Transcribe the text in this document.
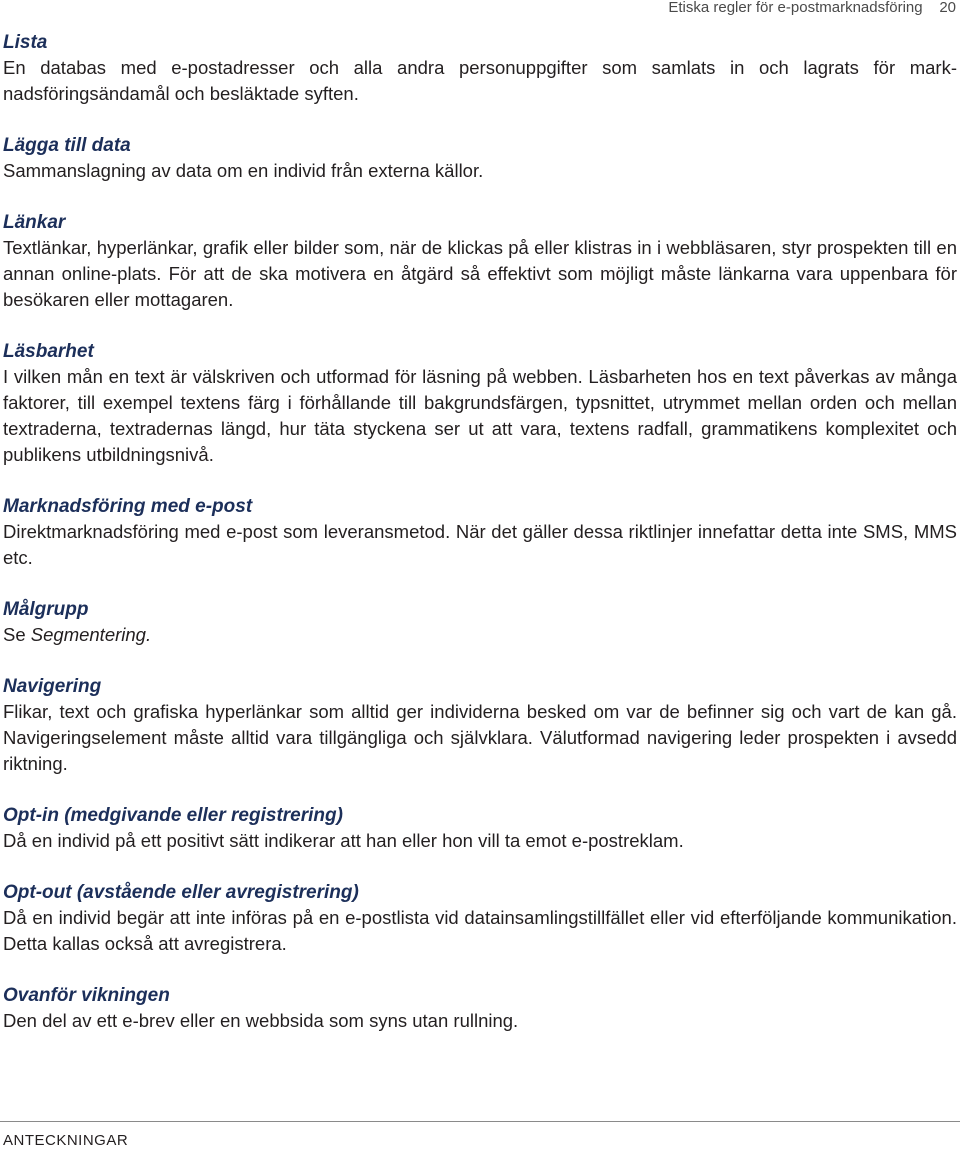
Etiska regler för e-postmarknadsföring 20

Lista

En databas med e-postadresser och alla andra personuppgifter som samlats in och lagrats för marknadsföringsändamål och besläktade syften.

Lägga till data

Sammanslagning av data om en individ från externa källor.

Länkar

Textlänkar, hyperlänkar, grafik eller bilder som, när de klickas på eller klistras in i webbläsaren, styr prospekten till en annan online-plats. För att de ska motivera en åtgärd så effektivt som möjligt måste länkarna vara uppenbara för besökaren eller mottagaren.

Läsbarhet

I vilken mån en text är välskriven och utformad för läsning på webben. Läsbarheten hos en text påverkas av många faktorer, till exempel textens färg i förhållande till bakgrundsfärgen, typsnittet, utrymmet mellan orden och mellan textraderna, textradernas längd, hur täta styckena ser ut att vara, textens radfall, grammatikens komplexitet och publikens utbildningsnivå.

Marknadsföring med e-post

Direktmarknadsföring med e-post som leveransmetod. När det gäller dessa riktlinjer innefattar detta inte SMS, MMS etc.

Målgrupp

Se Segmentering.

Navigering

Flikar, text och grafiska hyperlänkar som alltid ger individerna besked om var de befinner sig och vart de kan gå. Navigeringselement måste alltid vara tillgängliga och självklara. Välutformad navigering leder prospekten i avsedd riktning.

Opt-in (medgivande eller registrering)

Då en individ på ett positivt sätt indikerar att han eller hon vill ta emot e-postreklam.

Opt-out (avstående eller avregistrering)

Då en individ begär att inte införas på en e-postlista vid datainsamlingstillfället eller vid efterföljande kommunikation. Detta kallas också att avregistrera.

Ovanför vikningen

Den del av ett e-brev eller en webbsida som syns utan rullning.

ANTECKNINGAR
